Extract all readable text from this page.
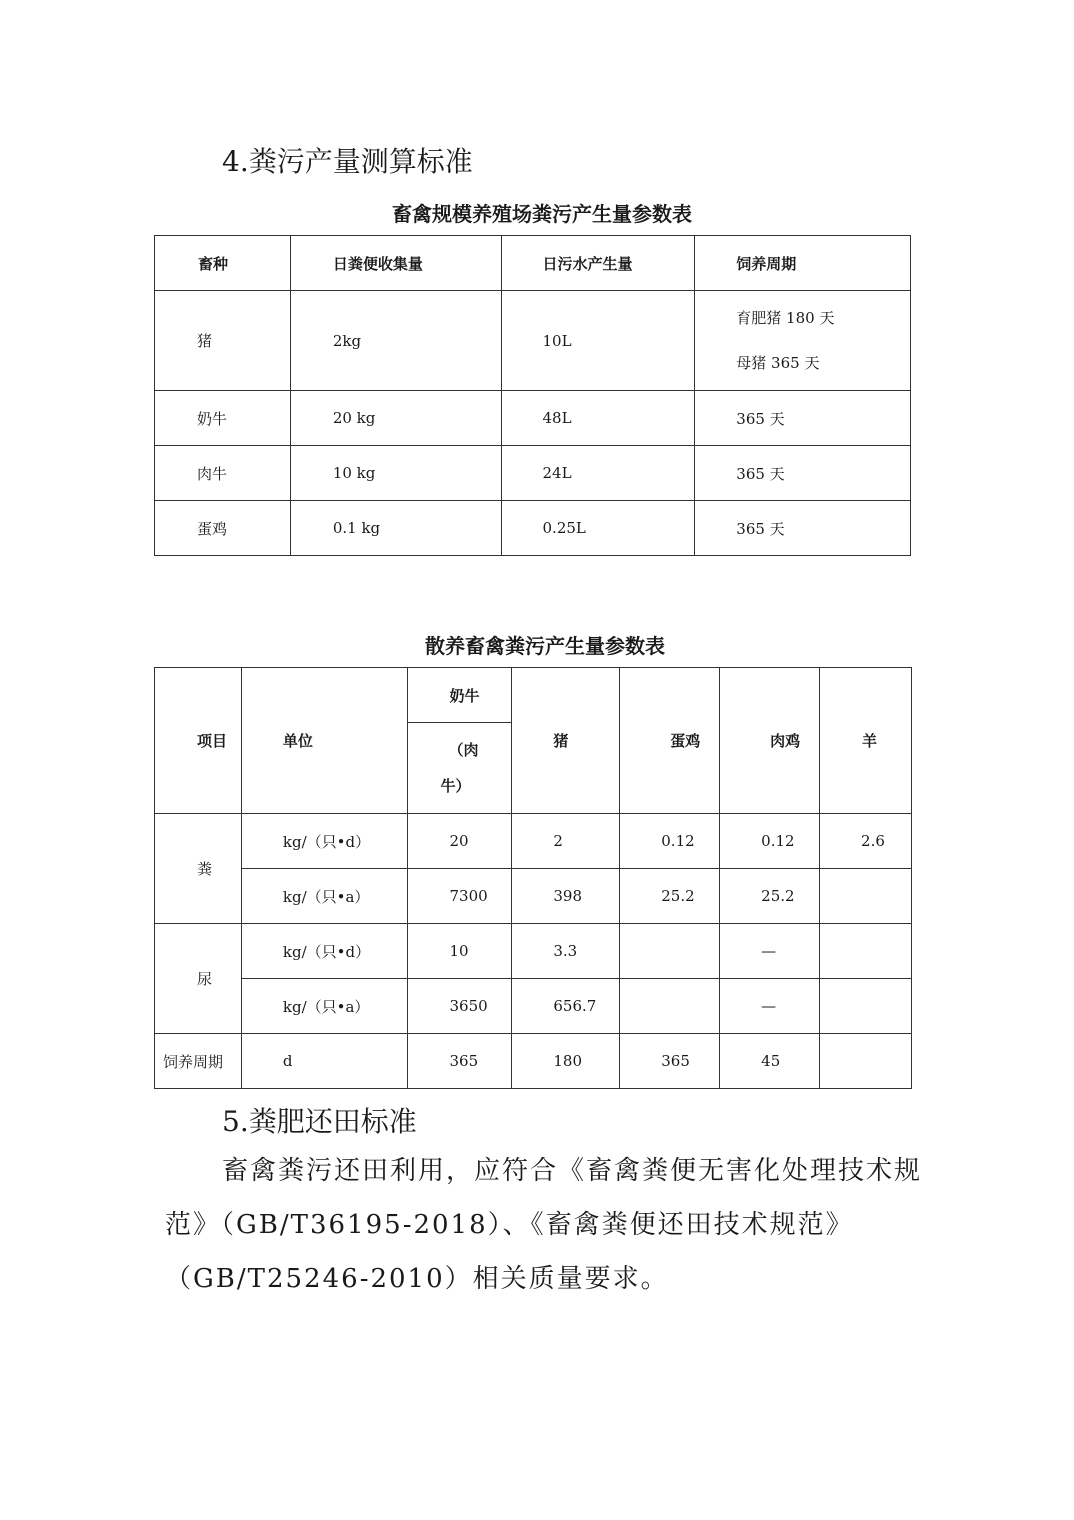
4.粪污产量测算标准
畜禽规模养殖场粪污产生量参数表
畜种	日粪便收集量	日污水产生量	饲养周期
猪	2kg	10L	育肥猪 180 天
母猪 365 天

奶牛	20 kg	48L	365 天
肉牛	10 kg	24L	365 天
蛋鸡	0.1 kg	0.25L	365 天
散养畜禽粪污产生量参数表
项目	单位	奶牛	猪	蛋鸡	肉鸡	羊

		（肉
牛）				

粪	kg/（只•d）	20	2	0.12	0.12	2.6
	kg/（只•a）	7300	398	25.2	25.2	
尿	kg/（只•d）	10	3.3		—	
	kg/（只•a）	3650	656.7		—	
饲养周期	d	365	180	365	45	
5.粪肥还田标准

畜禽粪污还田利用，应符合《畜禽粪便无害化处理技术规范》（GB/T36195-2018）、《畜禽粪便还田技术规范》（GB/T25246-2010）相关质量要求。
